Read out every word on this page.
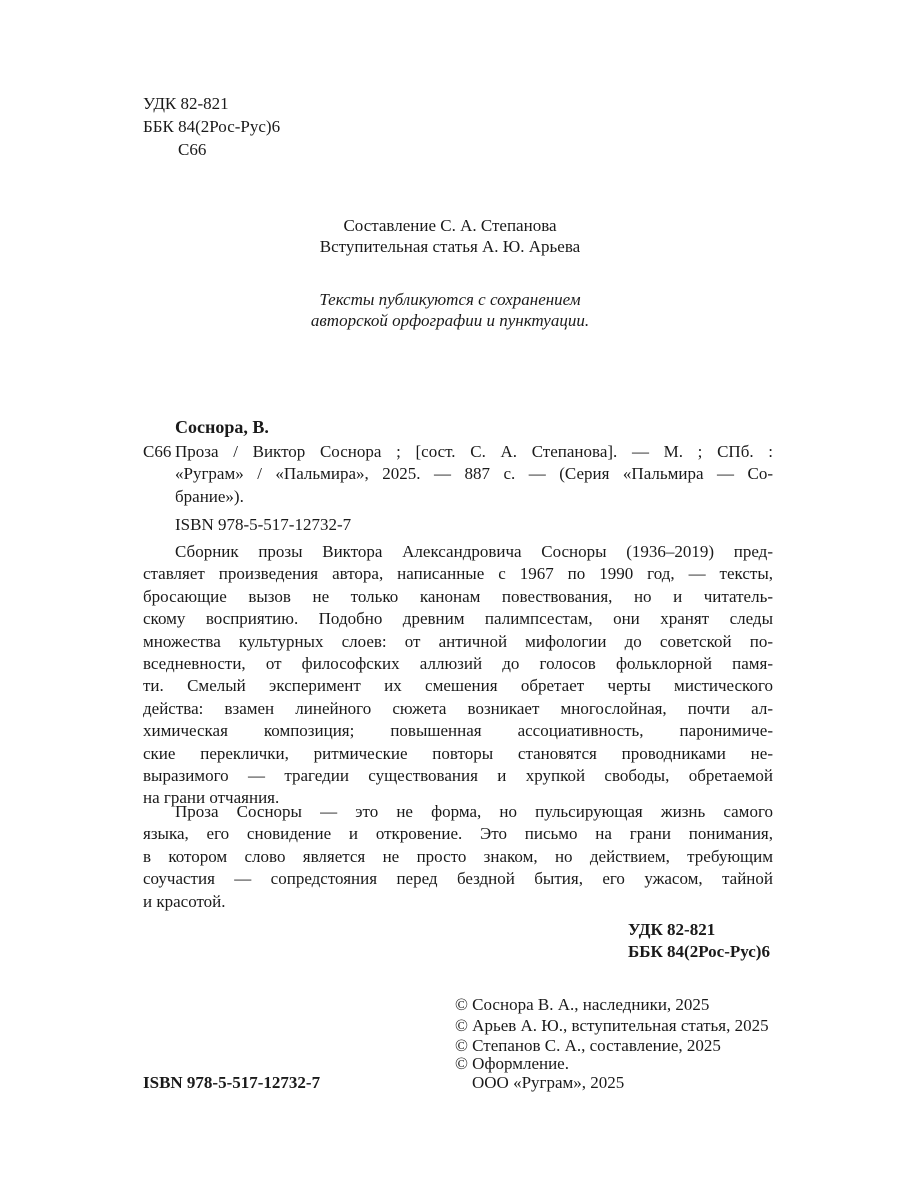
УДК 82-821
ББК 84(2Рос-Рус)6
С66
Составление С. А. Степанова
Вступительная статья А. Ю. Арьева
Тексты публикуются с сохранением
авторской орфографии и пунктуации.
Соснора, В.
С66 Проза / Виктор Соснора ; [сост. С. А. Степанова]. — М. ; СПб. :
«Руграм» / «Пальмира», 2025. — 887 с. — (Серия «Пальмира — Со-
брание»).
ISBN 978-5-517-12732-7
Сборник прозы Виктора Александровича Сосноры (1936–2019) пред-
ставляет произведения автора, написанные с 1967 по 1990 год, — тексты,
бросающие вызов не только канонам повествования, но и читатель-
скому восприятию. Подобно древним палимпсестам, они хранят следы
множества культурных слоев: от античной мифологии до советской по-
вседневности, от философских аллюзий до голосов фольклорной памя-
ти. Смелый эксперимент их смешения обретает черты мистического
действа: взамен линейного сюжета возникает многослойная, почти ал-
химическая композиция; повышенная ассоциативность, паронимиче-
ские переклички, ритмические повторы становятся проводниками не-
выразимого — трагедии существования и хрупкой свободы, обретаемой
на грани отчаяния.
Проза Сосноры — это не форма, но пульсирующая жизнь самого
языка, его сновидение и откровение. Это письмо на грани понимания,
в котором слово является не просто знаком, но действием, требующим
соучастия — сопредстояния перед бездной бытия, его ужасом, тайной
и красотой.
УДК 82-821
ББК 84(2Рос-Рус)6
© Соснора В. А., наследники, 2025
© Арьев А. Ю., вступительная статья, 2025
© Степанов С. А., составление, 2025
© Оформление.
ООО «Руграм», 2025
ISBN 978-5-517-12732-7
